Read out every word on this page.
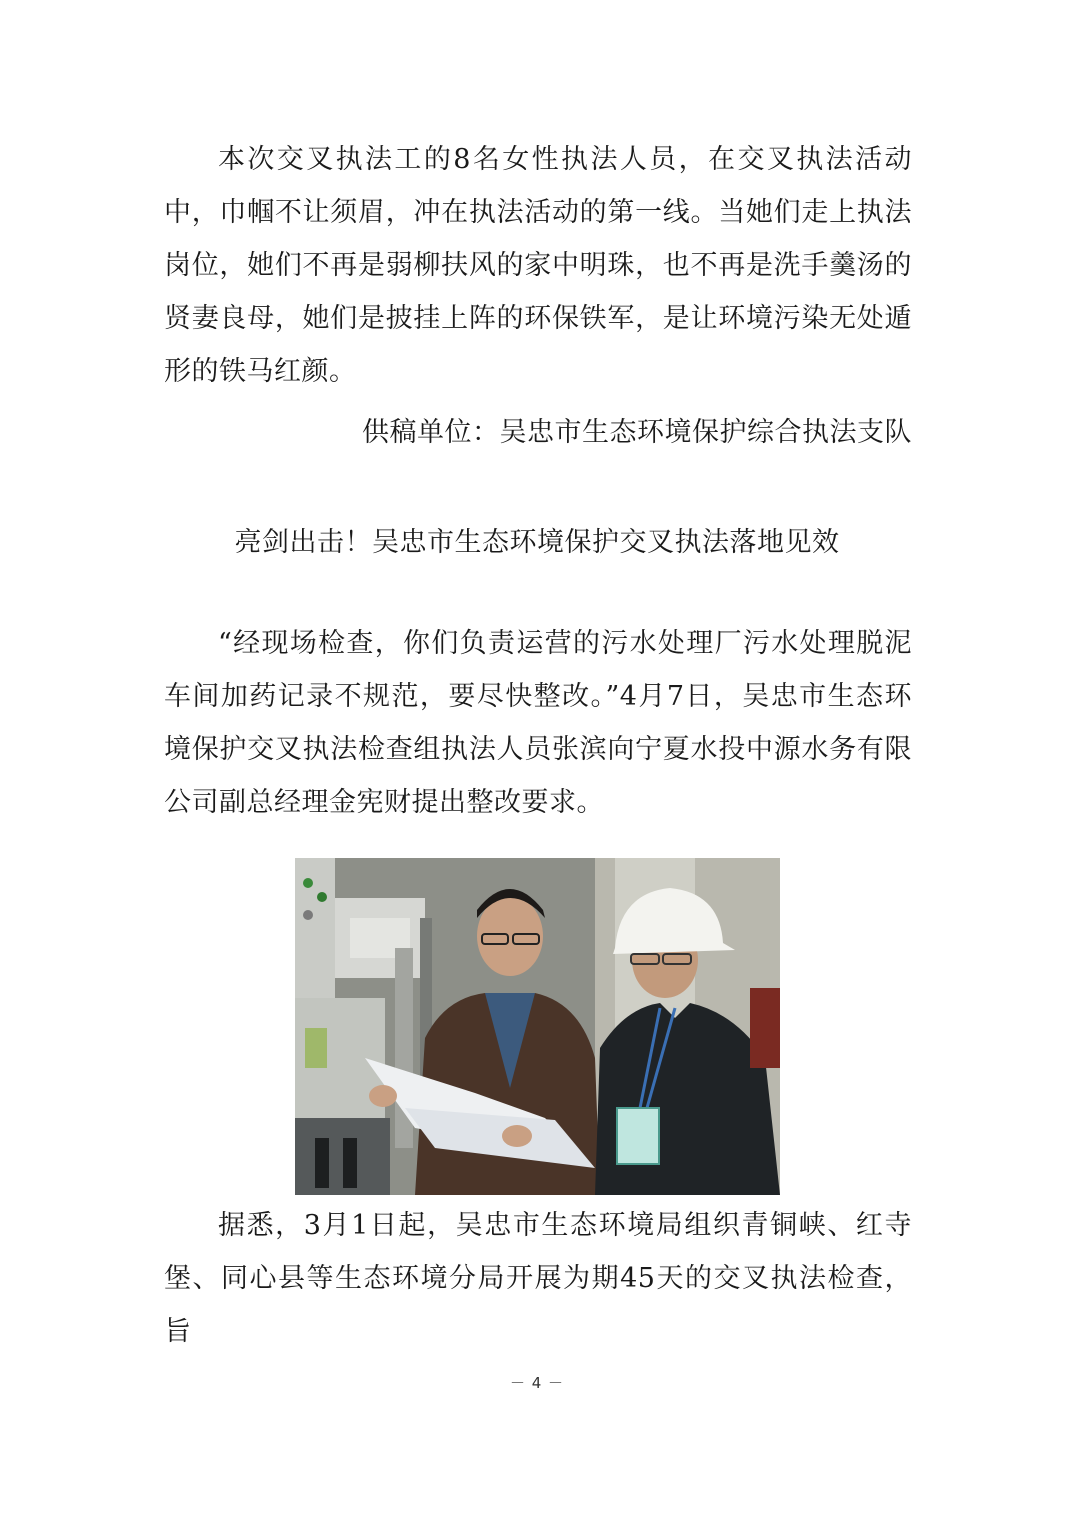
本次交叉执法工的8名女性执法人员，在交叉执法活动中，巾帼不让须眉，冲在执法活动的第一线。当她们走上执法岗位，她们不再是弱柳扶风的家中明珠，也不再是洗手羹汤的贤妻良母，她们是披挂上阵的环保铁军，是让环境污染无处遁形的铁马红颜。

供稿单位：吴忠市生态环境保护综合执法支队

亮剑出击！吴忠市生态环境保护交叉执法落地见效

“经现场检查，你们负责运营的污水处理厂污水处理脱泥车间加药记录不规范，要尽快整改。”4月7日，吴忠市生态环境保护交叉执法检查组执法人员张滨向宁夏水投中源水务有限公司副总经理金宪财提出整改要求。

据悉，3月1日起，吴忠市生态环境局组织青铜峡、红寺堡、同心县等生态环境分局开展为期45天的交叉执法检查，旨

－ 4 －
